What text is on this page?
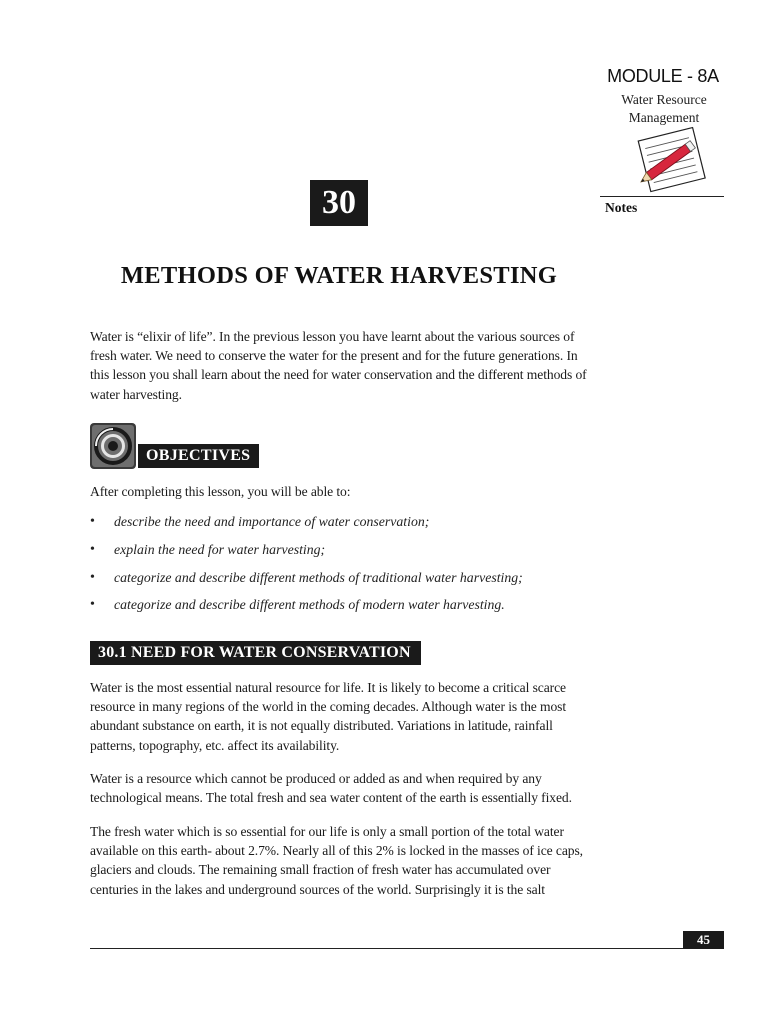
MODULE - 8A
Water Resource
Management
Notes
30
METHODS OF WATER HARVESTING

Water is “elixir of life”. In the previous lesson you have learnt about the various sources of fresh water. We need to conserve the water for the present and for the future generations. In this lesson you shall learn about the need for water conservation and the different methods of water harvesting.

OBJECTIVES

After completing this lesson, you will be able to:

• describe the need and importance of water conservation;
• explain the need for water harvesting;
• categorize and describe different methods of traditional water harvesting;
• categorize and describe different methods of modern water harvesting.
30.1 NEED FOR WATER CONSERVATION

Water is the most essential natural resource for life. It is likely to become a critical scarce resource in many regions of the world in the coming decades. Although water is the most abundant substance on earth, it is not equally distributed. Variations in latitude, rainfall patterns, topography, etc. affect its availability.

Water is a resource which cannot be produced or added as and when required by any technological means. The total fresh and sea water content of the earth is essentially fixed.

The fresh water which is so essential for our life is only a small portion of the total water available on this earth- about 2.7%. Nearly all of this 2% is locked in the masses of ice caps, glaciers and clouds. The remaining small fraction of fresh water has accumulated over centuries in the lakes and underground sources of the world. Surprisingly it is the salt

45
